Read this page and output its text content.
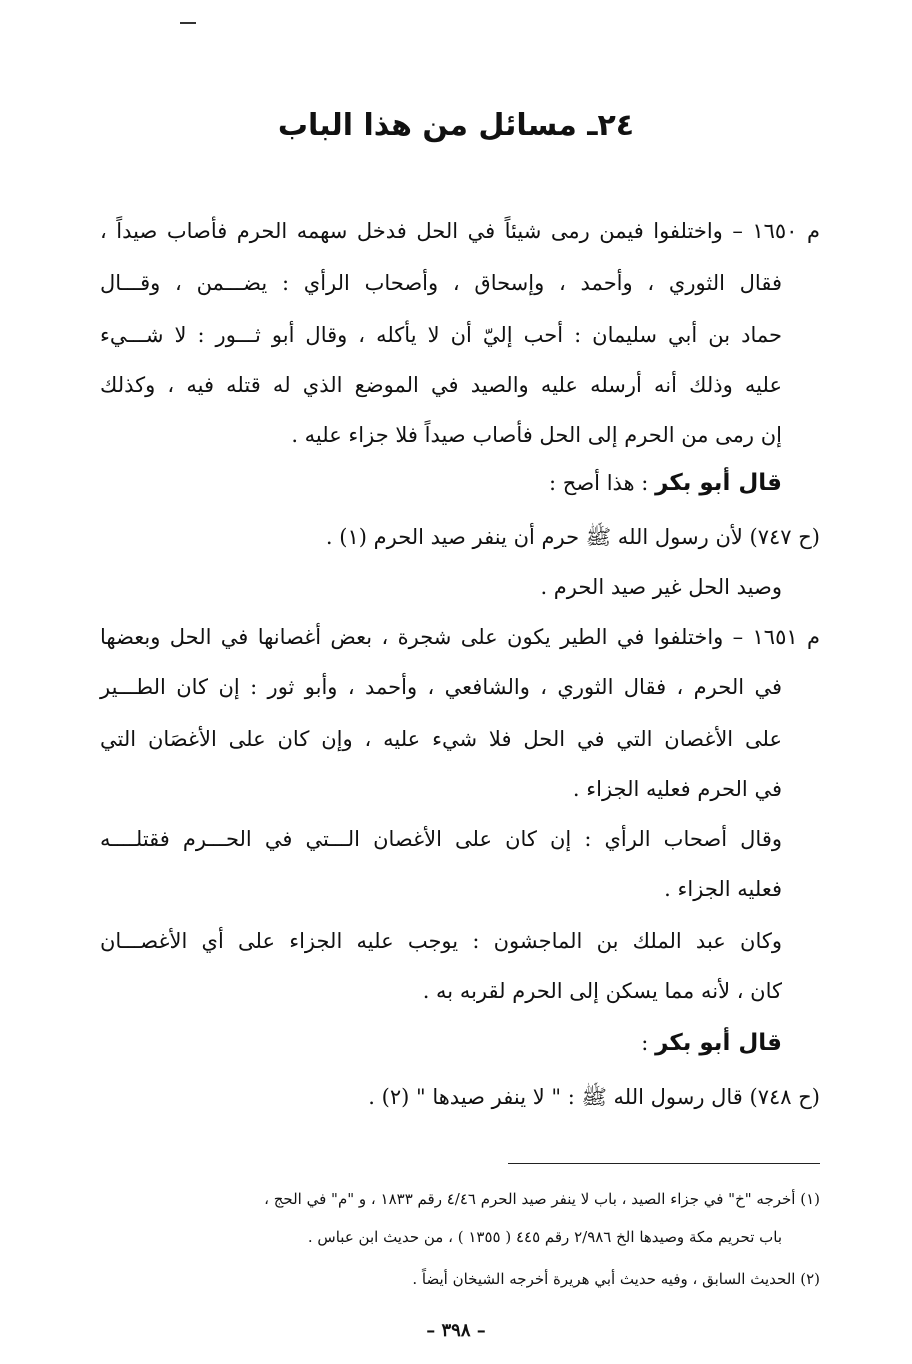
٢٤ـ مسائل من هذا الباب
م ١٦٥٠ – واختلفوا فيمن رمى شيئاً في الحل فدخل سهمه الحرم فأصاب صيداً ،
فقال الثوري ، وأحمد ، وإسحاق ، وأصحاب الرأي : يضـــمن ، وقـــال
حماد بن أبي سليمان : أحب إليّ أن لا يأكله ، وقال أبو ثـــور : لا شـــيء
عليه وذلك أنه أرسله عليه والصيد في الموضع الذي له قتله فيه ، وكذلك
إن رمى من الحرم إلى الحل فأصاب صيداً فلا جزاء عليه .
قال أبو بكر : هذا أصح :
(ح ٧٤٧) لأن رسول الله ﷺ حرم أن ينفر صيد الحرم (١) .
وصيد الحل غير صيد الحرم .
م ١٦٥١ – واختلفوا في الطير يكون على شجرة ، بعض أغصانها في الحل وبعضها
في الحرم ، فقال الثوري ، والشافعي ، وأحمد ، وأبو ثور : إن كان الطـــير
على الأغصان التي في الحل فلا شيء عليه ، وإن كان على الأغصَان التي
في الحرم فعليه الجزاء .
وقال أصحاب الرأي : إن كان على الأغصان الـــتي في الحـــرم فقتلــــه
فعليه الجزاء .
وكان عبد الملك بن الماجشون : يوجب عليه الجزاء على أي الأغصـــان
كان ، لأنه مما يسكن إلى الحرم لقربه به .
قال أبو بكر :
(ح ٧٤٨) قال رسول الله ﷺ : " لا ينفر صيدها " (٢) .
(١) أخرجه "خ" في جزاء الصيد ، باب لا ينفر صيد الحرم ٤/٤٦ رقم ١٨٣٣ ، و "م" في الحج ،
باب تحريم مكة وصيدها الخ ٢/٩٨٦ رقم ٤٤٥ ( ١٣٥٥ ) ، من حديث ابن عباس .
(٢) الحديث السابق ، وفيه حديث أبي هريرة أخرجه الشيخان أيضاً .
– ٣٩٨ –
